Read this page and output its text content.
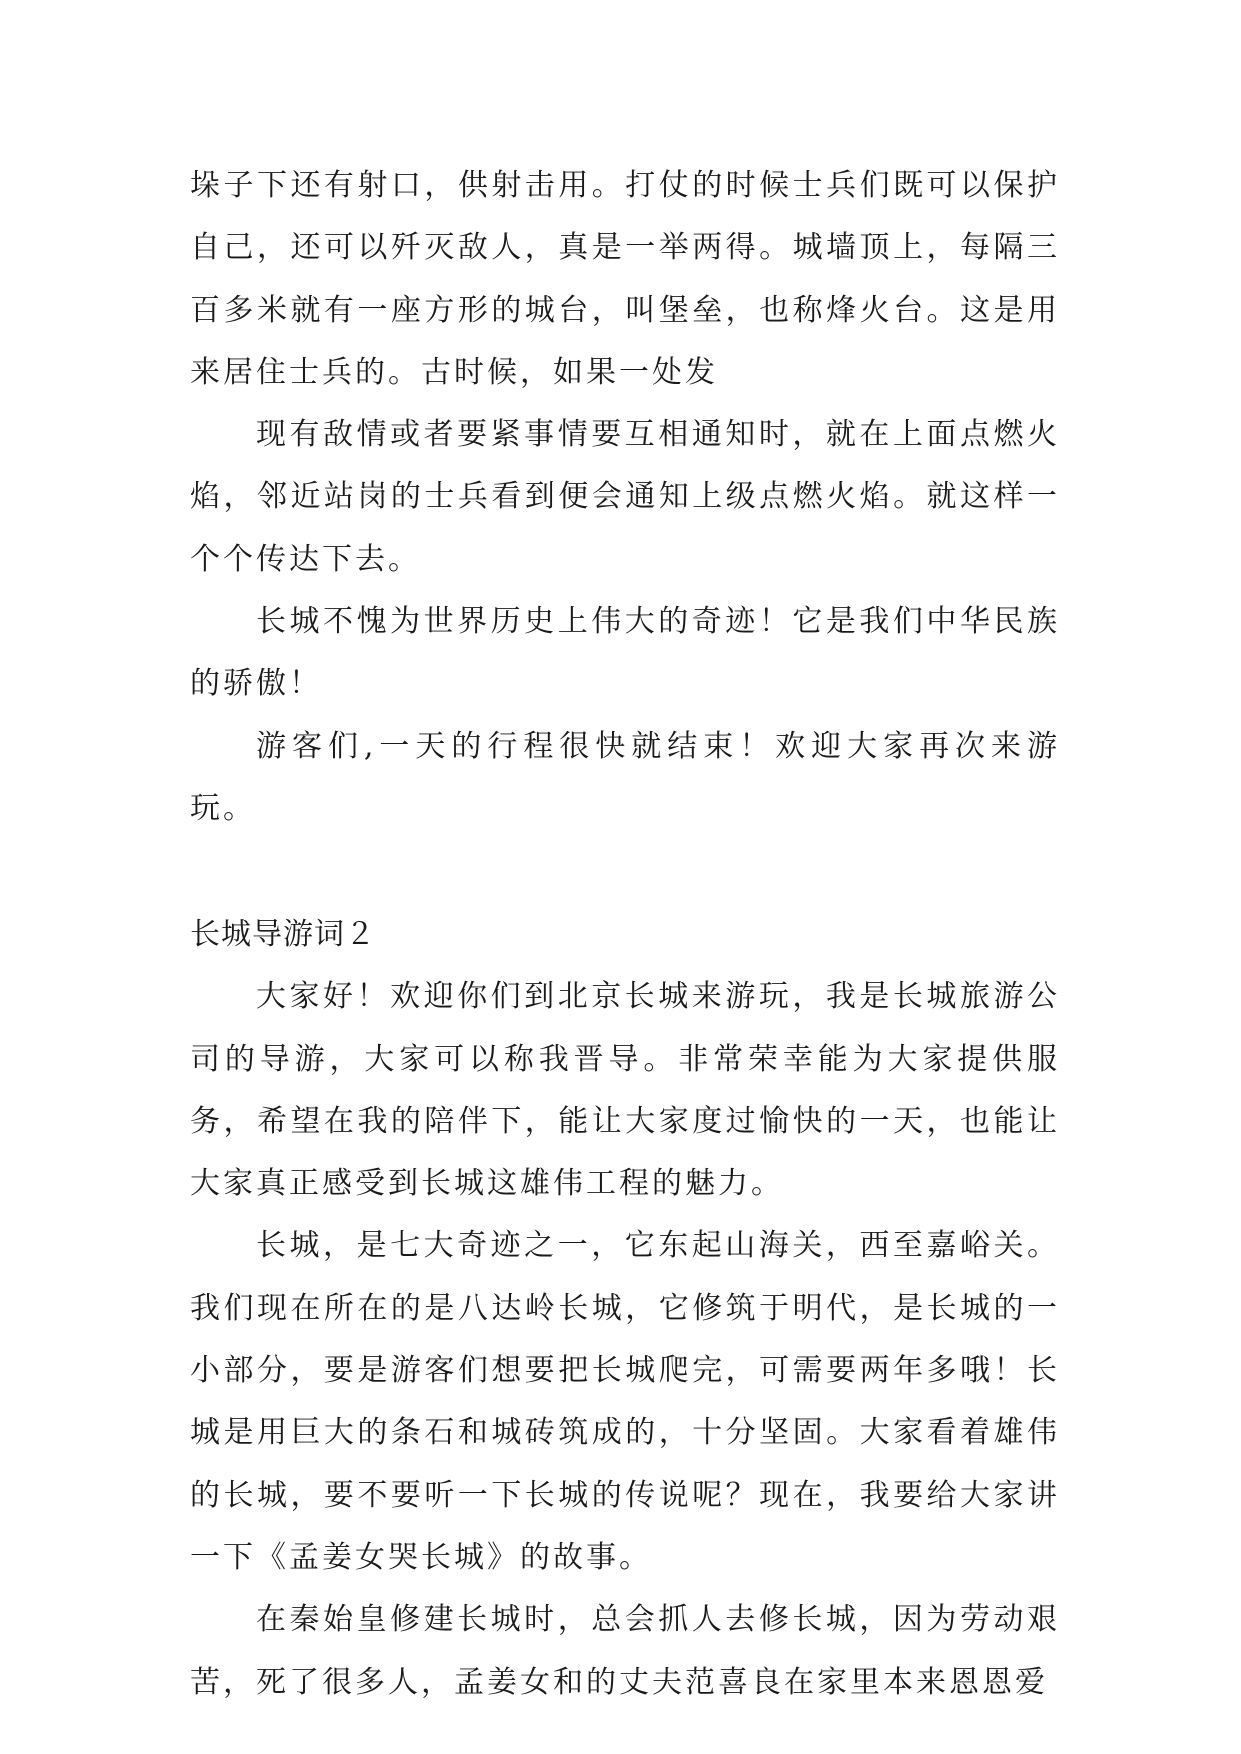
垛子下还有射口，供射击用。打仗的时候士兵们既可以保护自己，还可以歼灭敌人，真是一举两得。城墙顶上，每隔三百多米就有一座方形的城台，叫堡垒，也称烽火台。这是用来居住士兵的。古时候，如果一处发

现有敌情或者要紧事情要互相通知时，就在上面点燃火焰，邻近站岗的士兵看到便会通知上级点燃火焰。就这样一个个传达下去。

长城不愧为世界历史上伟大的奇迹！它是我们中华民族的骄傲！

游客们,一天的行程很快就结束！欢迎大家再次来游玩。

长城导游词２

大家好！欢迎你们到北京长城来游玩，我是长城旅游公司的导游，大家可以称我晋导。非常荣幸能为大家提供服务，希望在我的陪伴下，能让大家度过愉快的一天，也能让大家真正感受到长城这雄伟工程的魅力。

长城，是七大奇迹之一，它东起山海关，西至嘉峪关。我们现在所在的是八达岭长城，它修筑于明代，是长城的一小部分，要是游客们想要把长城爬完，可需要两年多哦！长城是用巨大的条石和城砖筑成的，十分坚固。大家看着雄伟的长城，要不要听一下长城的传说呢？现在，我要给大家讲一下《孟姜女哭长城》的故事。

在秦始皇修建长城时，总会抓人去修长城，因为劳动艰苦，死了很多人，孟姜女和的丈夫范喜良在家里本来恩恩爱
